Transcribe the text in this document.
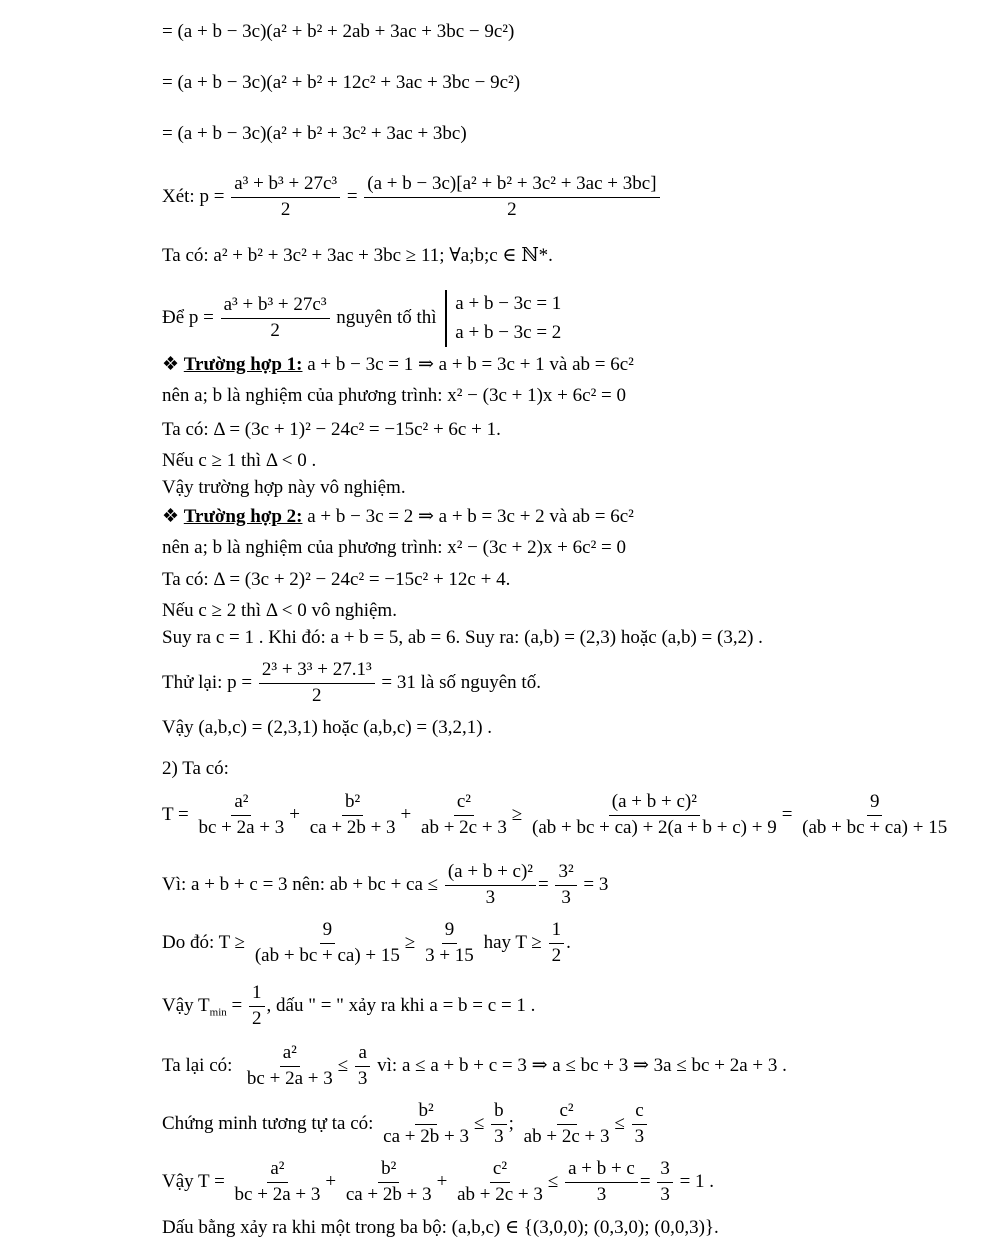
= (a + b − 3c)(a² + b² + 2ab + 3ac + 3bc − 9c²)
= (a + b − 3c)(a² + b² + 12c² + 3ac + 3bc − 9c²)
= (a + b − 3c)(a² + b² + 3c² + 3ac + 3bc)
Xét: $p = \frac{\text{a³ + b³ + 27c³}}{2} = \frac{\text{(a + b − 3c)[a² + b² + 3c² + 3ac + 3bc]}}{2}$
Ta có: a² + b² + 3c² + 3ac + 3bc ≥ 11; ∀a;b;c ∈ ℕ*.
Để $p = \frac{\text{a³ + b³ + 27c³}}{2}$ nguyên tố thì
a + b − 3c = 1
a + b − 3c = 2
❖ Trường hợp 1: a + b − 3c = 1 ⇒ a + b = 3c + 1 và ab = 6c²
nên a; b là nghiệm của phương trình: x² − (3c + 1)x + 6c² = 0
Ta có: Δ = (3c + 1)² − 24c² = −15c² + 6c + 1.
Nếu c ≥ 1 thì Δ < 0 .
Vậy trường hợp này vô nghiệm.
❖ Trường hợp 2: a + b − 3c = 2 ⇒ a + b = 3c + 2 và ab = 6c²
nên a; b là nghiệm của phương trình: x² − (3c + 2)x + 6c² = 0
Ta có: Δ = (3c + 2)² − 24c² = −15c² + 12c + 4.
Nếu c ≥ 2 thì Δ < 0 vô nghiệm.
Suy ra c = 1 . Khi đó: a + b = 5, ab = 6. Suy ra: (a,b) = (2,3) hoặc (a,b) = (3,2) .
Thử lại: $p = \frac{\text{2³ + 3³ + 27.1³}}{2} = 31$ là số nguyên tố.
Vậy (a,b,c) = (2,3,1) hoặc (a,b,c) = (3,2,1) .
2) Ta có:
$T = \frac{\text{a²}}{bc + 2a + 3} + \frac{\text{b²}}{ca + 2b + 3} + \frac{\text{c²}}{ab + 2c + 3} \ge \frac{\text{(a + b + c)²}}{(ab + bc + ca) + 2(a + b + c) + 9} = \frac{9}{(ab + bc + ca) + 15}$
Vì: a + b + c = 3 nên: ab + bc + ca ≤ $\frac{\text{(a + b + c)²}}{3} = \frac{\text{3²}}{3} = 3$
Do đó: $T \ge \frac{9}{(ab + bc + ca) + 15} \ge \frac{9}{3 + 15}$ hay $T \ge \frac{1}{2}$ .
Vậy $T_{min} = \frac{1}{2}$ , dấu " = " xảy ra khi a = b = c = 1 .
Ta lại có: $\frac{\text{a²}}{bc + 2a + 3} \le \frac{a}{3}$ vì: a ≤ a + b + c = 3 ⇒ a ≤ bc + 3 ⇒ 3a ≤ bc + 2a + 3 .
Chứng minh tương tự ta có: $\frac{\text{b²}}{ca + 2b + 3} \le \frac{b}{3}$ ; $\frac{\text{c²}}{ab + 2c + 3} \le \frac{c}{3}$
Vậy $T = \frac{\text{a²}}{bc + 2a + 3} + \frac{\text{b²}}{ca + 2b + 3} + \frac{\text{c²}}{ab + 2c + 3} \le \frac{a + b + c}{3} = \frac{3}{3} = 1$ .
Dấu bằng xảy ra khi một trong ba bộ: (a,b,c) ∈ {(3,0,0); (0,3,0); (0,0,3)}.
